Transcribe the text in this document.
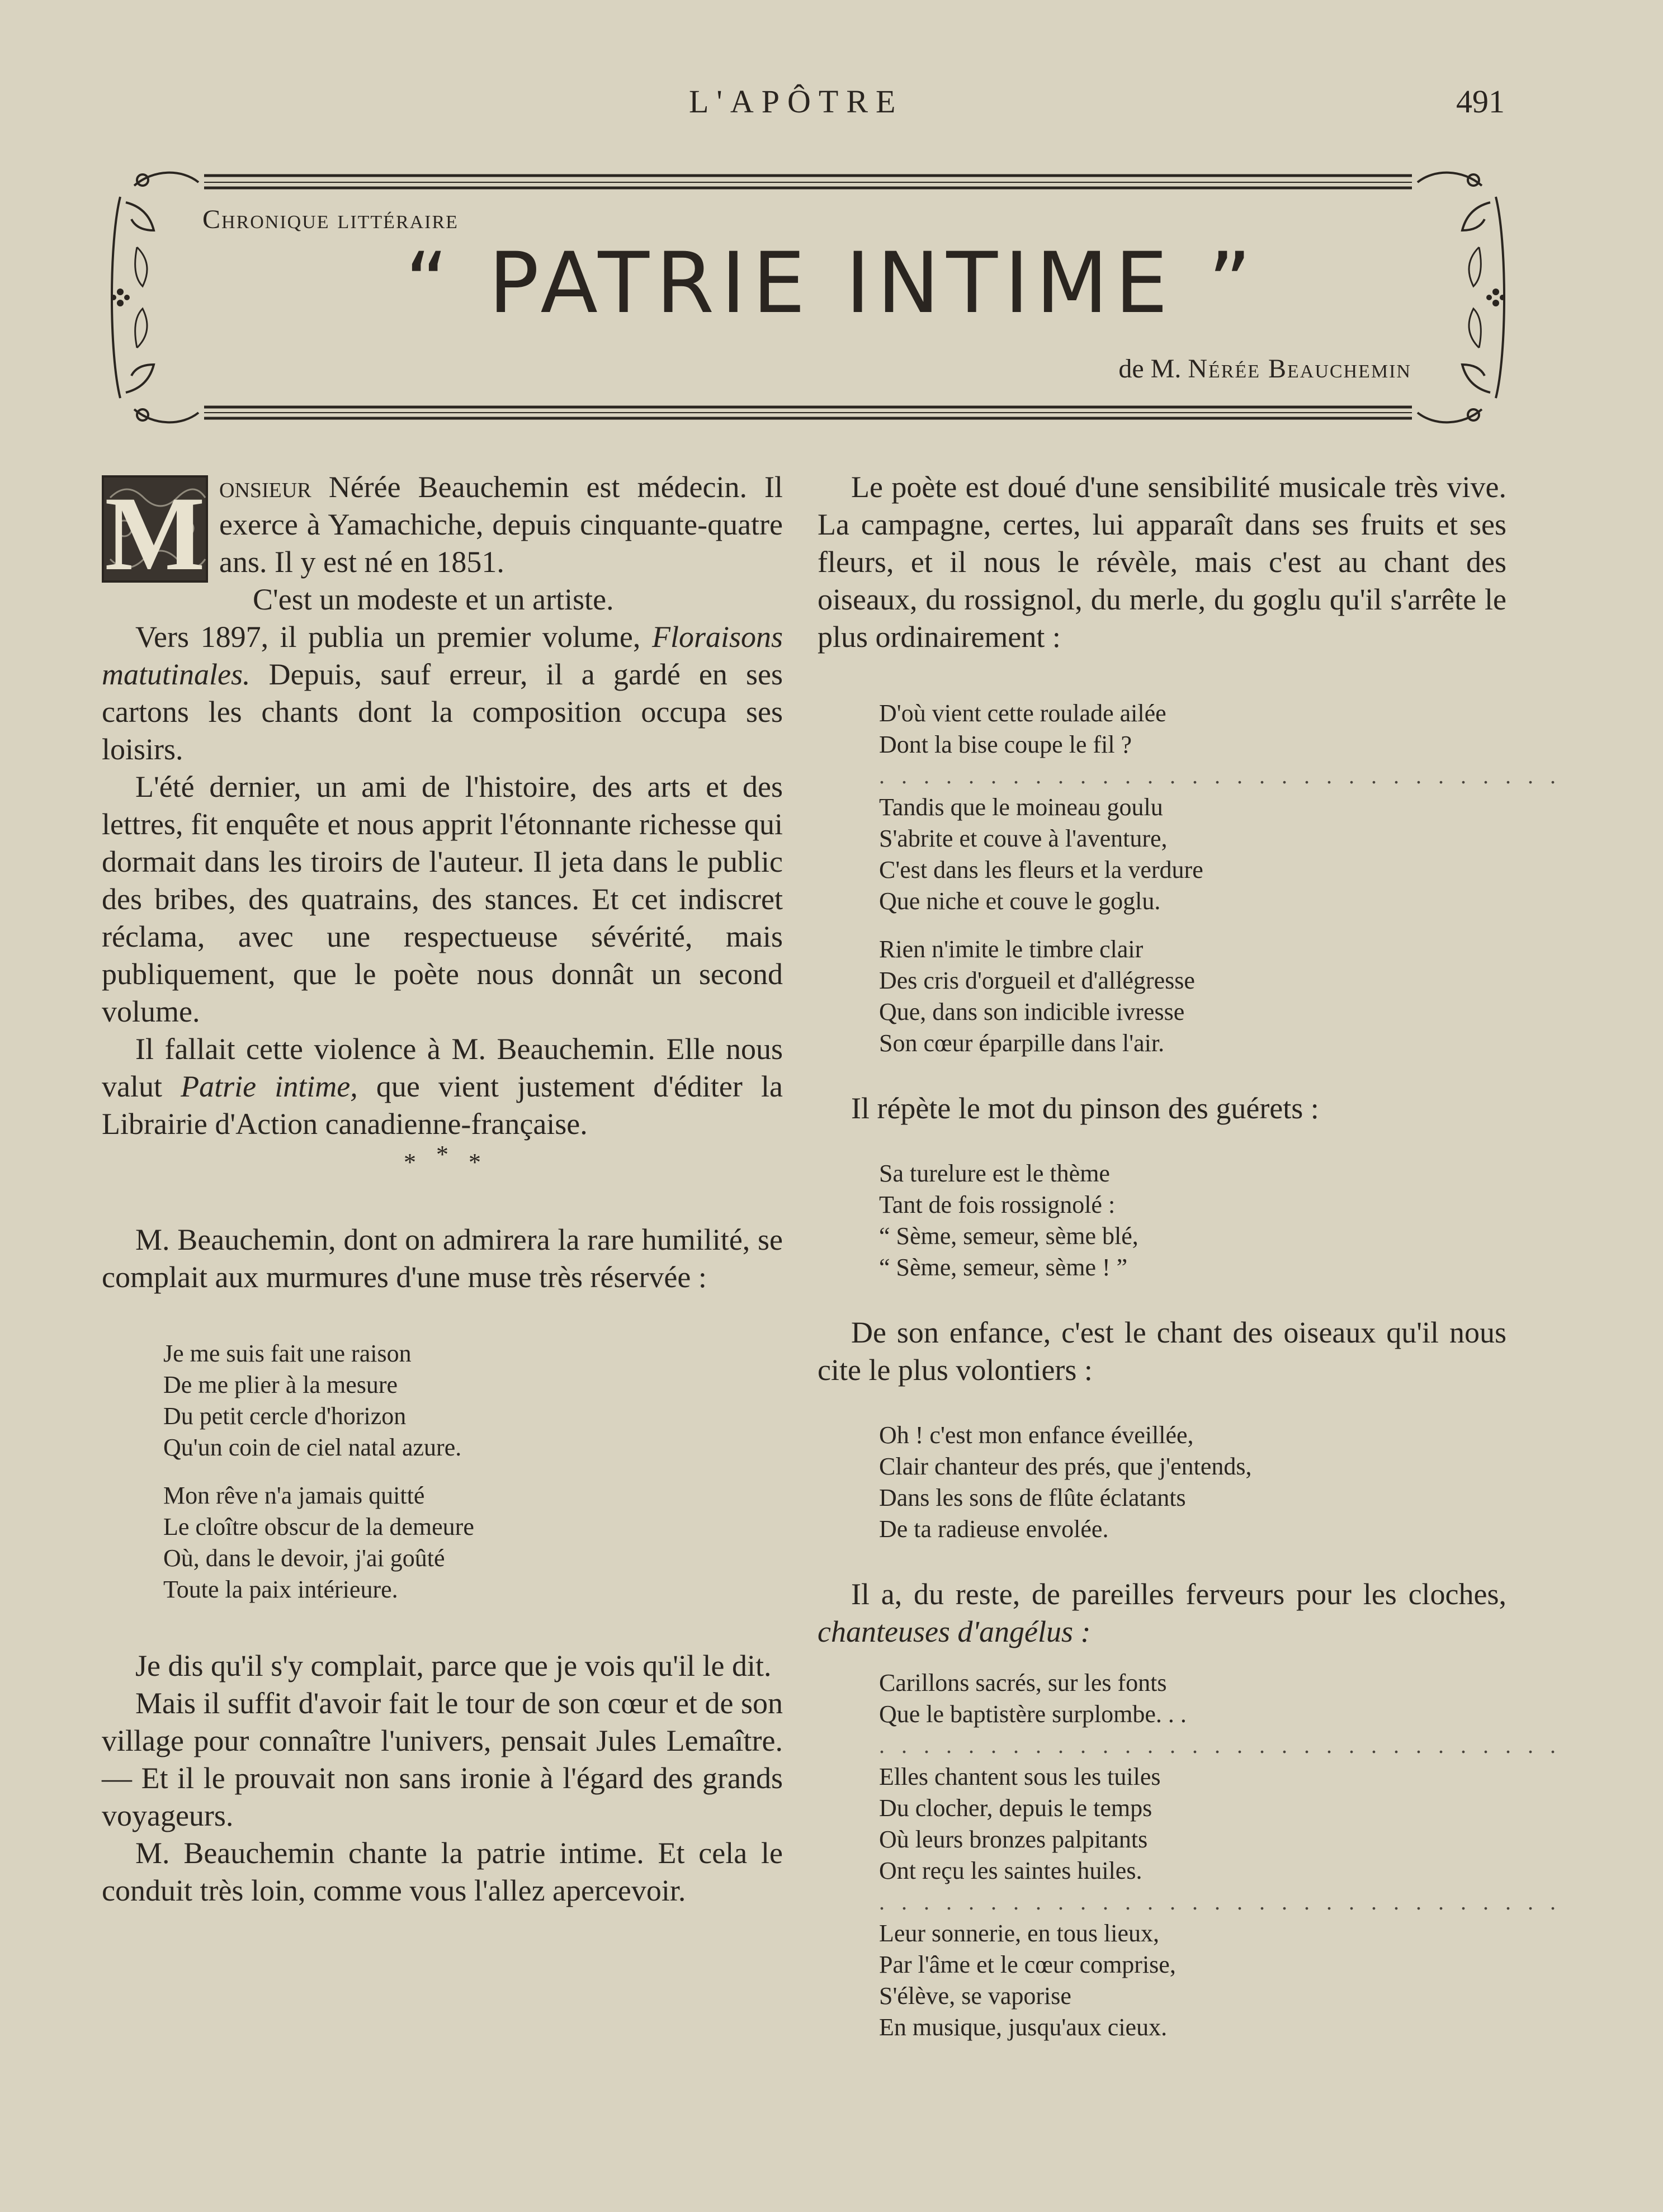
L'APÔTRE	491
Chronique littéraire
“ PATRIE INTIME ”
de M. Nérée Beauchemin

M onsieur Nérée Beauchemin est médecin. Il exerce à Yamachiche, depuis cinquante-quatre ans. Il y est né en 1851.

C'est un modeste et un artiste.

Vers 1897, il publia un premier volume, Floraisons matutinales. Depuis, sauf erreur, il a gardé en ses cartons les chants dont la composition occupa ses loisirs.

L'été dernier, un ami de l'histoire, des arts et des lettres, fit enquête et nous apprit l'étonnante richesse qui dormait dans les tiroirs de l'auteur. Il jeta dans le public des bribes, des quatrains, des stances. Et cet indiscret réclama, avec une respectueuse sévérité, mais publiquement, que le poète nous donnât un second volume.

Il fallait cette violence à M. Beauchemin. Elle nous valut Patrie intime, que vient justement d'éditer la Librairie d'Action canadienne-française.

* * *

M. Beauchemin, dont on admirera la rare humilité, se complait aux murmures d'une muse très réservée :

Je me suis fait une raison
De me plier à la mesure
Du petit cercle d'horizon
Qu'un coin de ciel natal azure.
Mon rêve n'a jamais quitté
Le cloître obscur de la demeure
Où, dans le devoir, j'ai goûté
Toute la paix intérieure.

Je dis qu'il s'y complait, parce que je vois qu'il le dit.

Mais il suffit d'avoir fait le tour de son cœur et de son village pour connaître l'univers, pensait Jules Lemaître.— Et il le prouvait non sans ironie à l'égard des grands voyageurs.

M. Beauchemin chante la patrie intime. Et cela le conduit très loin, comme vous l'allez apercevoir.

Le poète est doué d'une sensibilité musicale très vive. La campagne, certes, lui apparaît dans ses fruits et ses fleurs, et il nous le révèle, mais c'est au chant des oiseaux, du rossignol, du merle, du goglu qu'il s'arrête le plus ordinairement :

D'où vient cette roulade ailée
Dont la bise coupe le fil ?
. . . . . . . . . . . . . . . . . . . . . . . . . . . . . . .
Tandis que le moineau goulu
S'abrite et couve à l'aventure,
C'est dans les fleurs et la verdure
Que niche et couve le goglu.
Rien n'imite le timbre clair
Des cris d'orgueil et d'allégresse
Que, dans son indicible ivresse
Son cœur éparpille dans l'air.

Il répète le mot du pinson des guérets :

Sa turelure est le thème
Tant de fois rossignolé :
“ Sème, semeur, sème blé,
“ Sème, semeur, sème ! ”

De son enfance, c'est le chant des oiseaux qu'il nous cite le plus volontiers :

Oh ! c'est mon enfance éveillée,
Clair chanteur des prés, que j'entends,
Dans les sons de flûte éclatants
De ta radieuse envolée.

Il a, du reste, de pareilles ferveurs pour les cloches, chanteuses d'angélus :

Carillons sacrés, sur les fonts
Que le baptistère surplombe. . .
. . . . . . . . . . . . . . . . . . . . . . . . . . . . . . .
Elles chantent sous les tuiles
Du clocher, depuis le temps
Où leurs bronzes palpitants
Ont reçu les saintes huiles.
. . . . . . . . . . . . . . . . . . . . . . . . . . . . . . .
Leur sonnerie, en tous lieux,
Par l'âme et le cœur comprise,
S'élève, se vaporise
En musique, jusqu'aux cieux.
